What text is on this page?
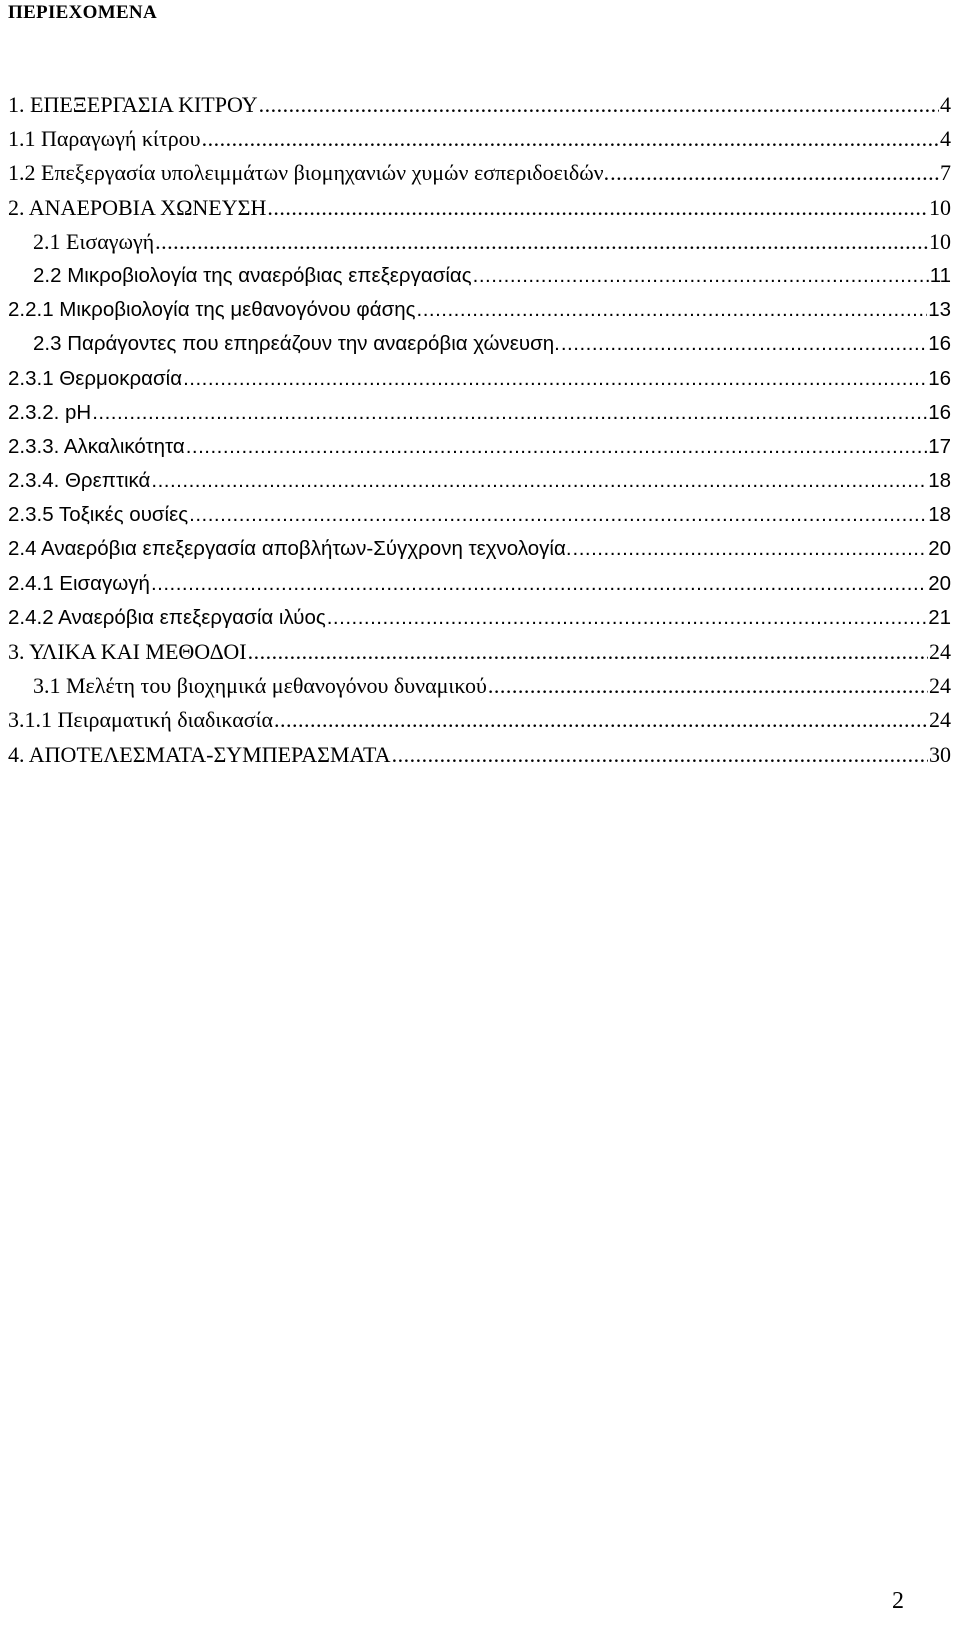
ΠΕΡΙΕΧΟΜΕΝΑ
1. ΕΠΕΞΕΡΓΑΣΙΑ ΚΙΤΡΟΥ .....	4
1.1 Παραγωγή κίτρου .....	4
1.2 Επεξεργασία υπολειμμάτων βιομηχανιών χυμών εσπεριδοειδών. .....	7
2. ΑΝΑΕΡΟΒΙΑ ΧΩΝΕΥΣΗ .....	10
2.1 Εισαγωγή .....	10
2.2 Μικροβιολογία της αναερόβιας επεξεργασίας .....	11
2.2.1 Μικροβιολογία της μεθανογόνου φάσης .....	13
2.3 Παράγοντες που επηρεάζουν την αναερόβια χώνευση. .....	16
2.3.1 Θερμοκρασία .....	16
2.3.2. pH .....	16
2.3.3. Αλκαλικότητα .....	17
2.3.4. Θρεπτικά .....	18
2.3.5 Τοξικές ουσίες .....	18
2.4 Αναερόβια επεξεργασία αποβλήτων-Σύγχρονη τεχνολογία. .....	20
2.4.1 Εισαγωγή .....	20
2.4.2 Αναερόβια επεξεργασία ιλύος .....	21
3. ΥΛΙΚΑ ΚΑΙ ΜΕΘΟΔΟΙ .....	24
3.1 Μελέτη του βιοχημικά μεθανογόνου δυναμικού .....	24
3.1.1 Πειραματική διαδικασία .....	24
4. ΑΠΟΤΕΛΕΣΜΑΤΑ-ΣΥΜΠΕΡΑΣΜΑΤΑ .....	30
2
